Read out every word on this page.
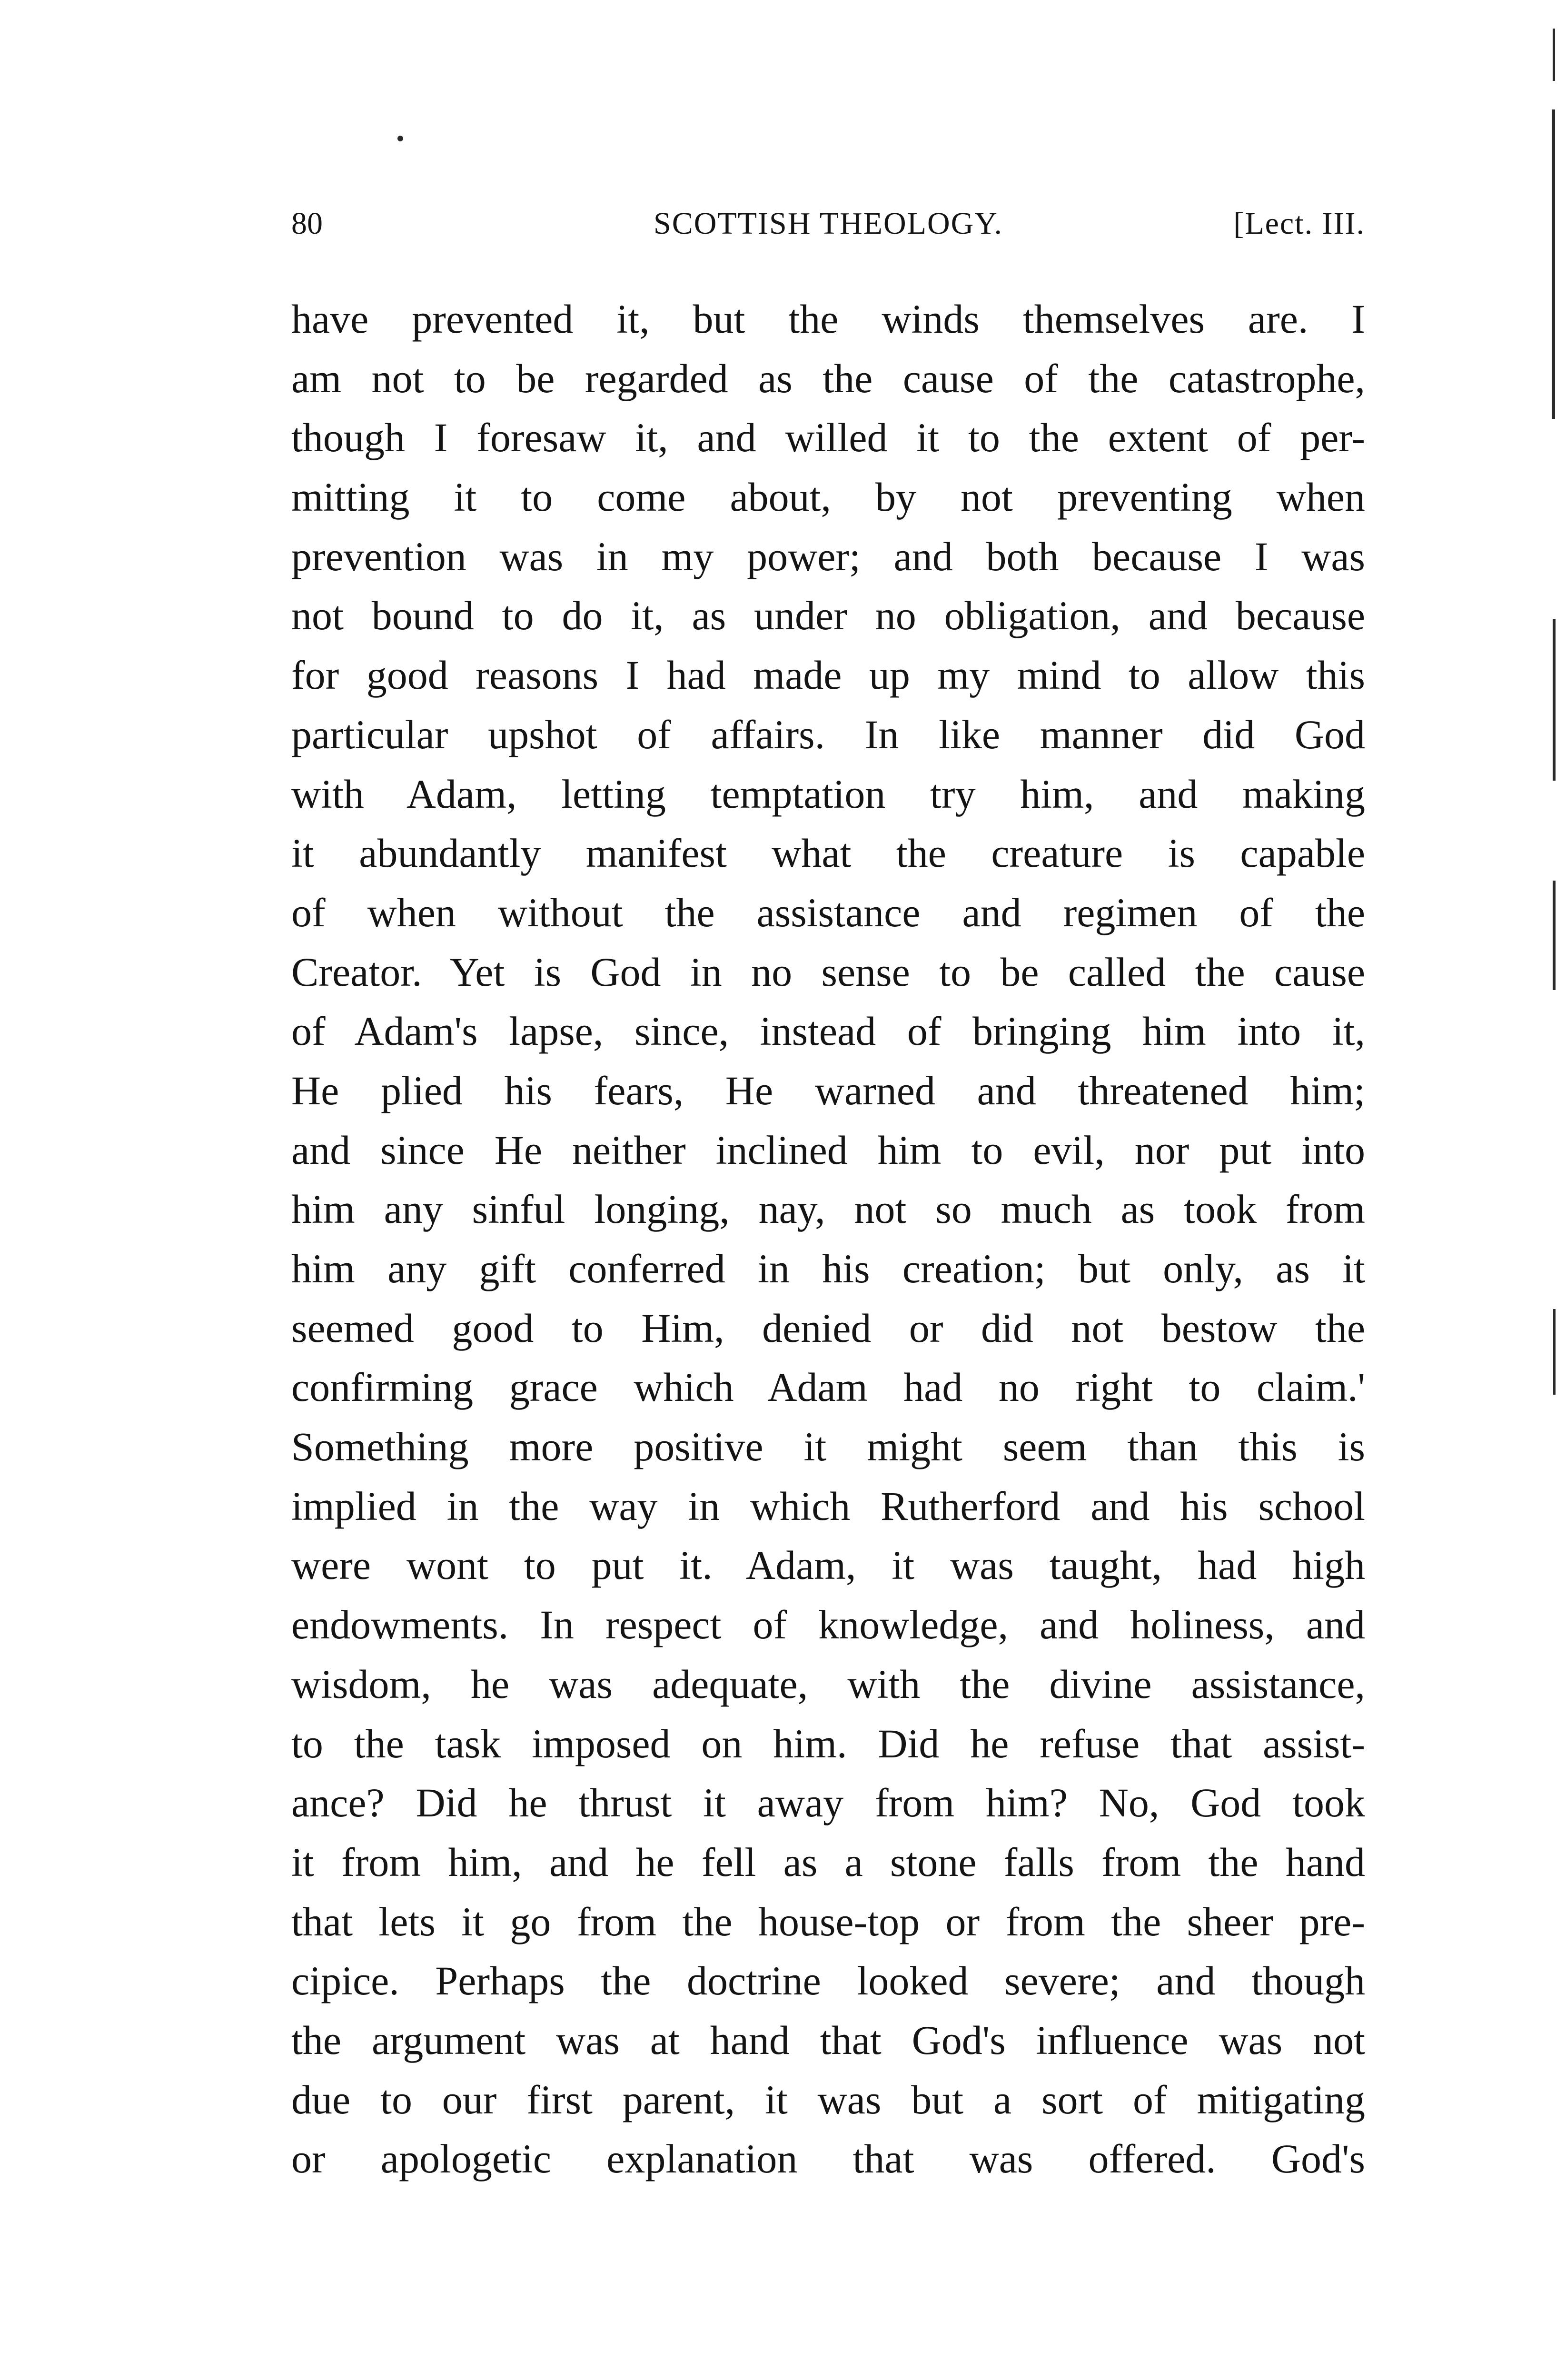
80	SCOTTISH THEOLOGY.	[Lect. III.
have prevented it, but the winds themselves are. I
am not to be regarded as the cause of the catastrophe,
though I foresaw it, and willed it to the extent of per-
mitting it to come about, by not preventing when
prevention was in my power; and both because I was
not bound to do it, as under no obligation, and because
for good reasons I had made up my mind to allow this
particular upshot of affairs. In like manner did God
with Adam, letting temptation try him, and making
it abundantly manifest what the creature is capable
of when without the assistance and regimen of the
Creator. Yet is God in no sense to be called the cause
of Adam's lapse, since, instead of bringing him into it,
He plied his fears, He warned and threatened him;
and since He neither inclined him to evil, nor put into
him any sinful longing, nay, not so much as took from
him any gift conferred in his creation; but only, as it
seemed good to Him, denied or did not bestow the
confirming grace which Adam had no right to claim.'
Something more positive it might seem than this is
implied in the way in which Rutherford and his school
were wont to put it. Adam, it was taught, had high
endowments. In respect of knowledge, and holiness, and
wisdom, he was adequate, with the divine assistance,
to the task imposed on him. Did he refuse that assist-
ance? Did he thrust it away from him? No, God took
it from him, and he fell as a stone falls from the hand
that lets it go from the house-top or from the sheer pre-
cipice. Perhaps the doctrine looked severe; and though
the argument was at hand that God's influence was not
due to our first parent, it was but a sort of mitigating
or apologetic explanation that was offered. God's
